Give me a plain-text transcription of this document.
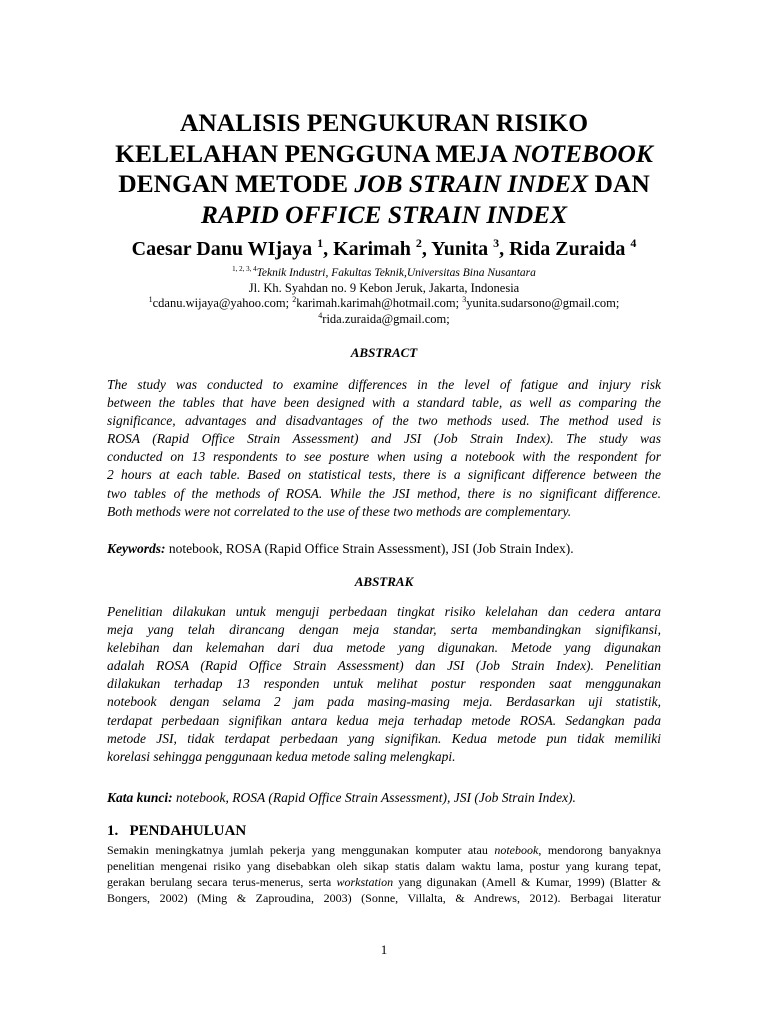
ANALISIS PENGUKURAN RISIKO
KELELAHAN PENGGUNA MEJA NOTEBOOK
DENGAN METODE JOB STRAIN INDEX DAN
RAPID OFFICE STRAIN INDEX
Caesar Danu WIjaya $^1$, Karimah $^2$, Yunita $^3$, Rida Zuraida $^4$
$^{1, 2, 3, 4}$Teknik Industri, Fakultas Teknik,Universitas Bina Nusantara
Jl. Kh. Syahdan no. 9 Kebon Jeruk, Jakarta, Indonesia
$^1$cdanu.wijaya@yahoo.com; $^2$karimah.karimah@hotmail.com; $^3$yunita.sudarsono@gmail.com;
$^4$rida.zuraida@gmail.com;
ABSTRACT
The study was conducted to examine differences in the level of fatigue and injury risk
between the tables that have been designed with a standard table, as well as comparing the
significance, advantages and disadvantages of the two methods used. The method used is
ROSA (Rapid Office Strain Assessment) and JSI (Job Strain Index). The study was
conducted on 13 respondents to see posture when using a notebook with the respondent for
2 hours at each table. Based on statistical tests, there is a significant difference between the
two tables of the methods of ROSA. While the JSI method, there is no significant difference.
Both methods were not correlated to the use of these two methods are complementary.
Keywords: notebook, ROSA (Rapid Office Strain Assessment), JSI (Job Strain Index).
ABSTRAK
Penelitian dilakukan untuk menguji perbedaan tingkat risiko kelelahan dan cedera antara
meja yang telah dirancang dengan meja standar, serta membandingkan signifikansi,
kelebihan dan kelemahan dari dua metode yang digunakan. Metode yang digunakan
adalah ROSA (Rapid Office Strain Assessment) dan JSI (Job Strain Index). Penelitian
dilakukan terhadap 13 responden untuk melihat postur responden saat menggunakan
notebook dengan selama 2 jam pada masing-masing meja. Berdasarkan uji statistik,
terdapat perbedaan signifikan antara kedua meja terhadap metode ROSA. Sedangkan pada
metode JSI, tidak terdapat perbedaan yang signifikan. Kedua metode pun tidak memiliki
korelasi sehingga penggunaan kedua metode saling melengkapi.
Kata kunci: notebook, ROSA (Rapid Office Strain Assessment), JSI (Job Strain Index).
1. PENDAHULUAN
Semakin meningkatnya jumlah pekerja yang menggunakan komputer atau notebook, mendorong banyaknya
penelitian mengenai risiko yang disebabkan oleh sikap statis dalam waktu lama, postur yang kurang tepat,
gerakan berulang secara terus-menerus, serta workstation yang digunakan (Amell & Kumar, 1999) (Blatter &
Bongers, 2002) (Ming & Zaproudina, 2003) (Sonne, Villalta, & Andrews, 2012). Berbagai literatur
1
